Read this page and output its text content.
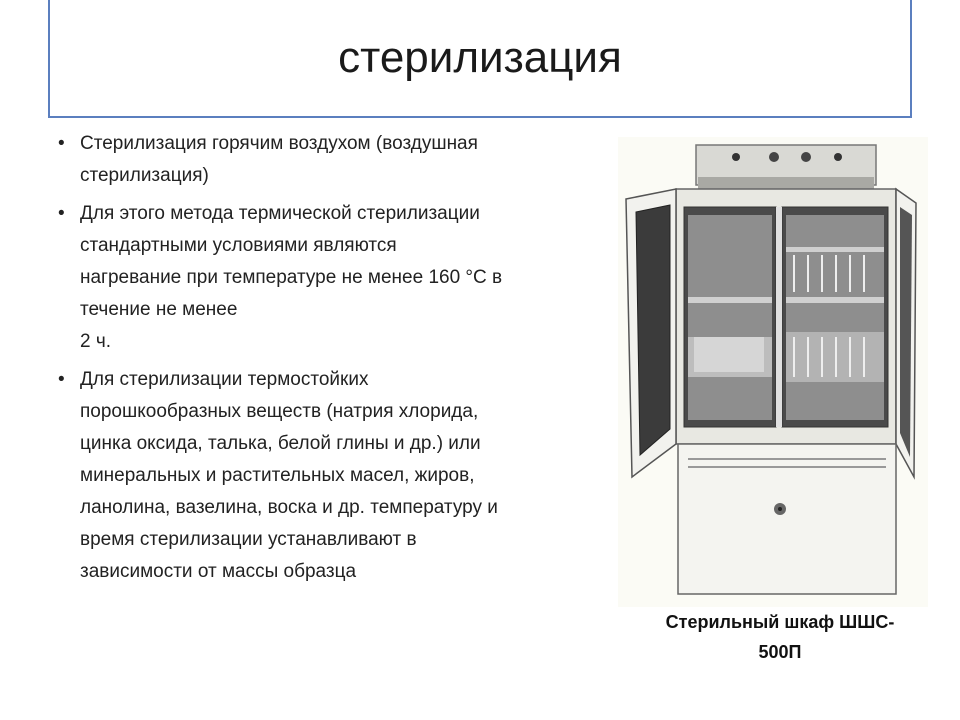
стерилизация
• Стерилизация горячим воздухом (воздушная
стерилизация)
• Для этого метода термической стерилизации
стандартными условиями являются
нагревание при температуре не менее 160 °С в
течение не менее
2 ч.
• Для стерилизации термостойких
порошкообразных веществ (натрия хлорида,
цинка оксида, талька, белой глины и др.) или
минеральных и растительных масел, жиров,
ланолина, вазелина, воска и др. температуру и
время стерилизации устанавливают в
зависимости от массы образца
Стерильный шкаф ШШС-
500П
